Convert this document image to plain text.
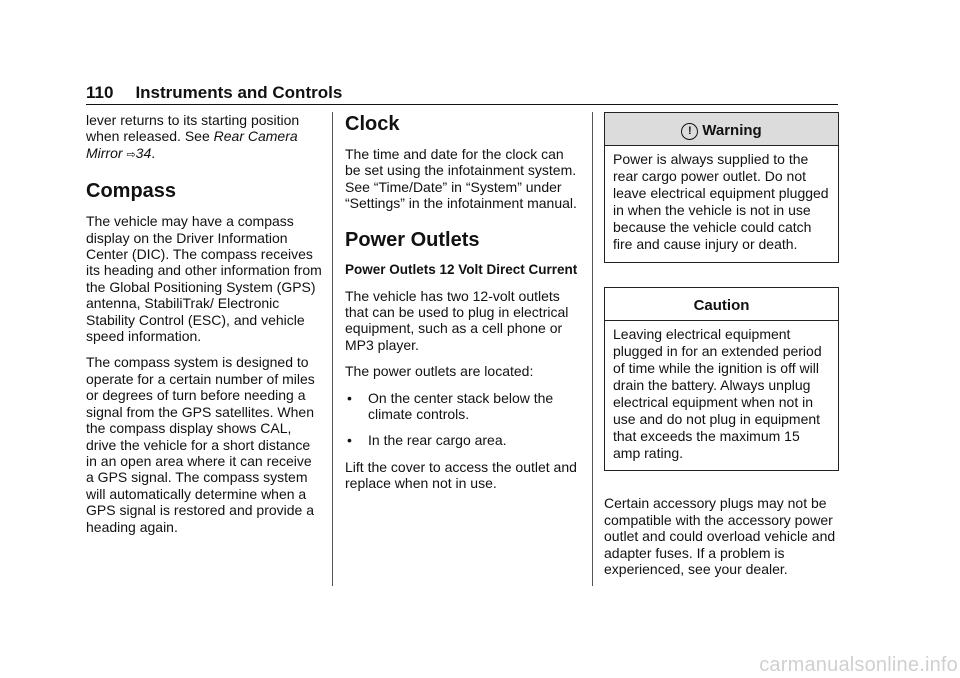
110 Instruments and Controls

lever returns to its starting position when released. See Rear Camera Mirror ⇨34.

Compass

The vehicle may have a compass display on the Driver Information Center (DIC). The compass receives its heading and other information from the Global Positioning System (GPS) antenna, StabiliTrak/ Electronic Stability Control (ESC), and vehicle speed information.

The compass system is designed to operate for a certain number of miles or degrees of turn before needing a signal from the GPS satellites. When the compass display shows CAL, drive the vehicle for a short distance in an open area where it can receive a GPS signal. The compass system will automatically determine when a GPS signal is restored and provide a heading again.

Clock

The time and date for the clock can be set using the infotainment system. See “Time/Date” in “System” under “Settings” in the infotainment manual.

Power Outlets
Power Outlets 12 Volt Direct Current

The vehicle has two 12-volt outlets that can be used to plug in electrical equipment, such as a cell phone or MP3 player.

The power outlets are located:

• On the center stack below the climate controls.
• In the rear cargo area.

Lift the cover to access the outlet and replace when not in use.

! Warning
Power is always supplied to the rear cargo power outlet. Do not leave electrical equipment plugged in when the vehicle is not in use because the vehicle could catch fire and cause injury or death.
Caution
Leaving electrical equipment plugged in for an extended period of time while the ignition is off will drain the battery. Always unplug electrical equipment when not in use and do not plug in equipment that exceeds the maximum 15 amp rating.

Certain accessory plugs may not be compatible with the accessory power outlet and could overload vehicle and adapter fuses. If a problem is experienced, see your dealer.

carmanualsonline.info
